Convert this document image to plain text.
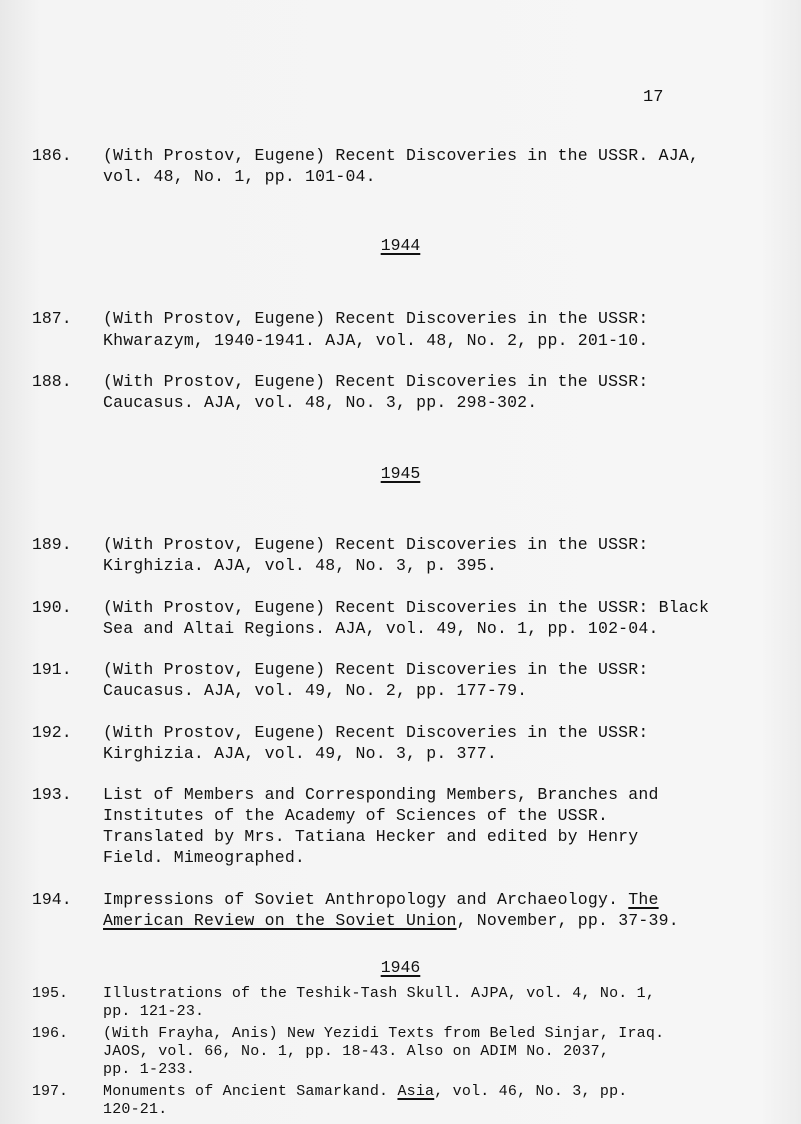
17
186. (With Prostov, Eugene) Recent Discoveries in the USSR. AJA,
vol. 48, No. 1, pp. 101-04.
1944
187. (With Prostov, Eugene) Recent Discoveries in the USSR:
Khwarazym, 1940-1941. AJA, vol. 48, No. 2, pp. 201-10.
188. (With Prostov, Eugene) Recent Discoveries in the USSR:
Caucasus. AJA, vol. 48, No. 3, pp. 298-302.
1945
189. (With Prostov, Eugene) Recent Discoveries in the USSR:
Kirghizia. AJA, vol. 48, No. 3, p. 395.
190. (With Prostov, Eugene) Recent Discoveries in the USSR: Black
Sea and Altai Regions. AJA, vol. 49, No. 1, pp. 102-04.
191. (With Prostov, Eugene) Recent Discoveries in the USSR:
Caucasus. AJA, vol. 49, No. 2, pp. 177-79.
192. (With Prostov, Eugene) Recent Discoveries in the USSR:
Kirghizia. AJA, vol. 49, No. 3, p. 377.
193. List of Members and Corresponding Members, Branches and
Institutes of the Academy of Sciences of the USSR.
Translated by Mrs. Tatiana Hecker and edited by Henry
Field. Mimeographed.
194. Impressions of Soviet Anthropology and Archaeology. The
American Review on the Soviet Union, November, pp. 37-39.
1946
195. Illustrations of the Teshik-Tash Skull. AJPA, vol. 4, No. 1,
pp. 121-23.
196. (With Frayha, Anis) New Yezidi Texts from Beled Sinjar, Iraq.
JAOS, vol. 66, No. 1, pp. 18-43. Also on ADIM No. 2037,
pp. 1-233.
197. Monuments of Ancient Samarkand. Asia, vol. 46, No. 3, pp.
120-21.
